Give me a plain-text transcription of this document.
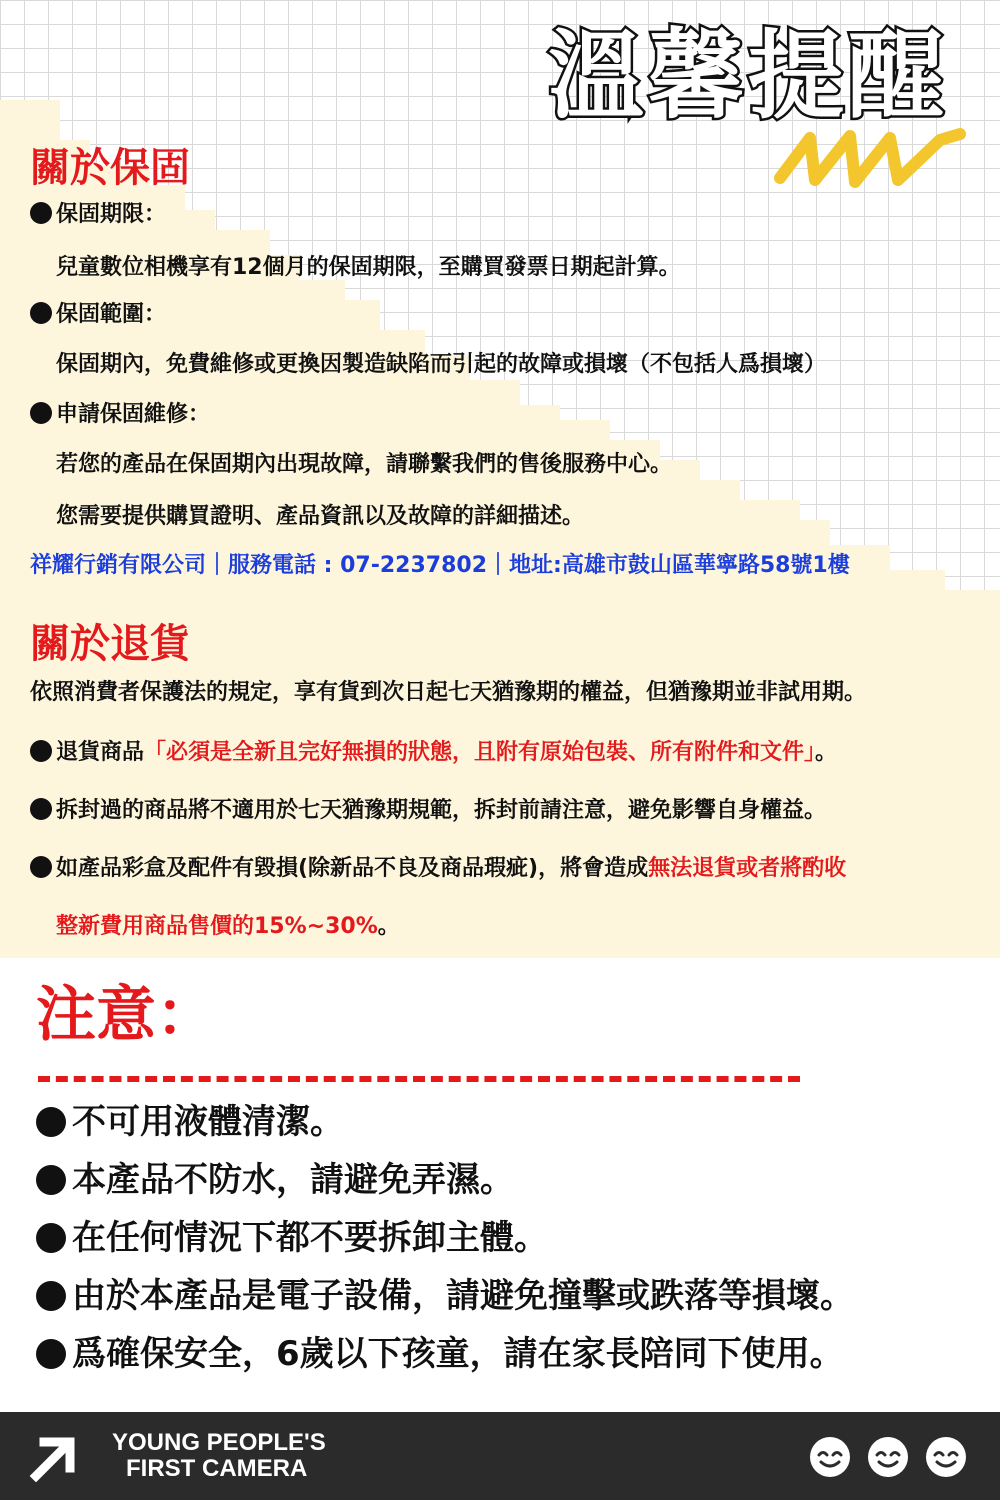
溫馨提醒
關於保固

保固期限：

兒童數位相機享有12個月的保固期限，至購買發票日期起計算。

保固範圍：

保固期內，免費維修或更換因製造缺陷而引起的故障或損壞（不包括人爲損壞）

申請保固維修：

若您的產品在保固期內出現故障，請聯繫我們的售後服務中心。

您需要提供購買證明、產品資訊以及故障的詳細描述。

祥耀行銷有限公司｜服務電話 : 07-2237802｜地址:高雄市鼓山區華寧路58號1樓

關於退貨

依照消費者保護法的規定，享有貨到次日起七天猶豫期的權益，但猶豫期並非試用期。

退貨商品「必須是全新且完好無損的狀態，且附有原始包裝、所有附件和文件」。

拆封過的商品將不適用於七天猶豫期規範，拆封前請注意，避免影響自身權益。

如產品彩盒及配件有毀損(除新品不良及商品瑕疵)，將會造成無法退貨或者將酌收

整新費用商品售價的15%~30%。

注意：

不可用液體清潔。

本產品不防水，請避免弄濕。

在任何情況下都不要拆卸主體。

由於本產品是電子設備，請避免撞擊或跌落等損壞。

爲確保安全，6歲以下孩童，請在家長陪同下使用。

YOUNG PEOPLE'S
FIRST CAMERA
